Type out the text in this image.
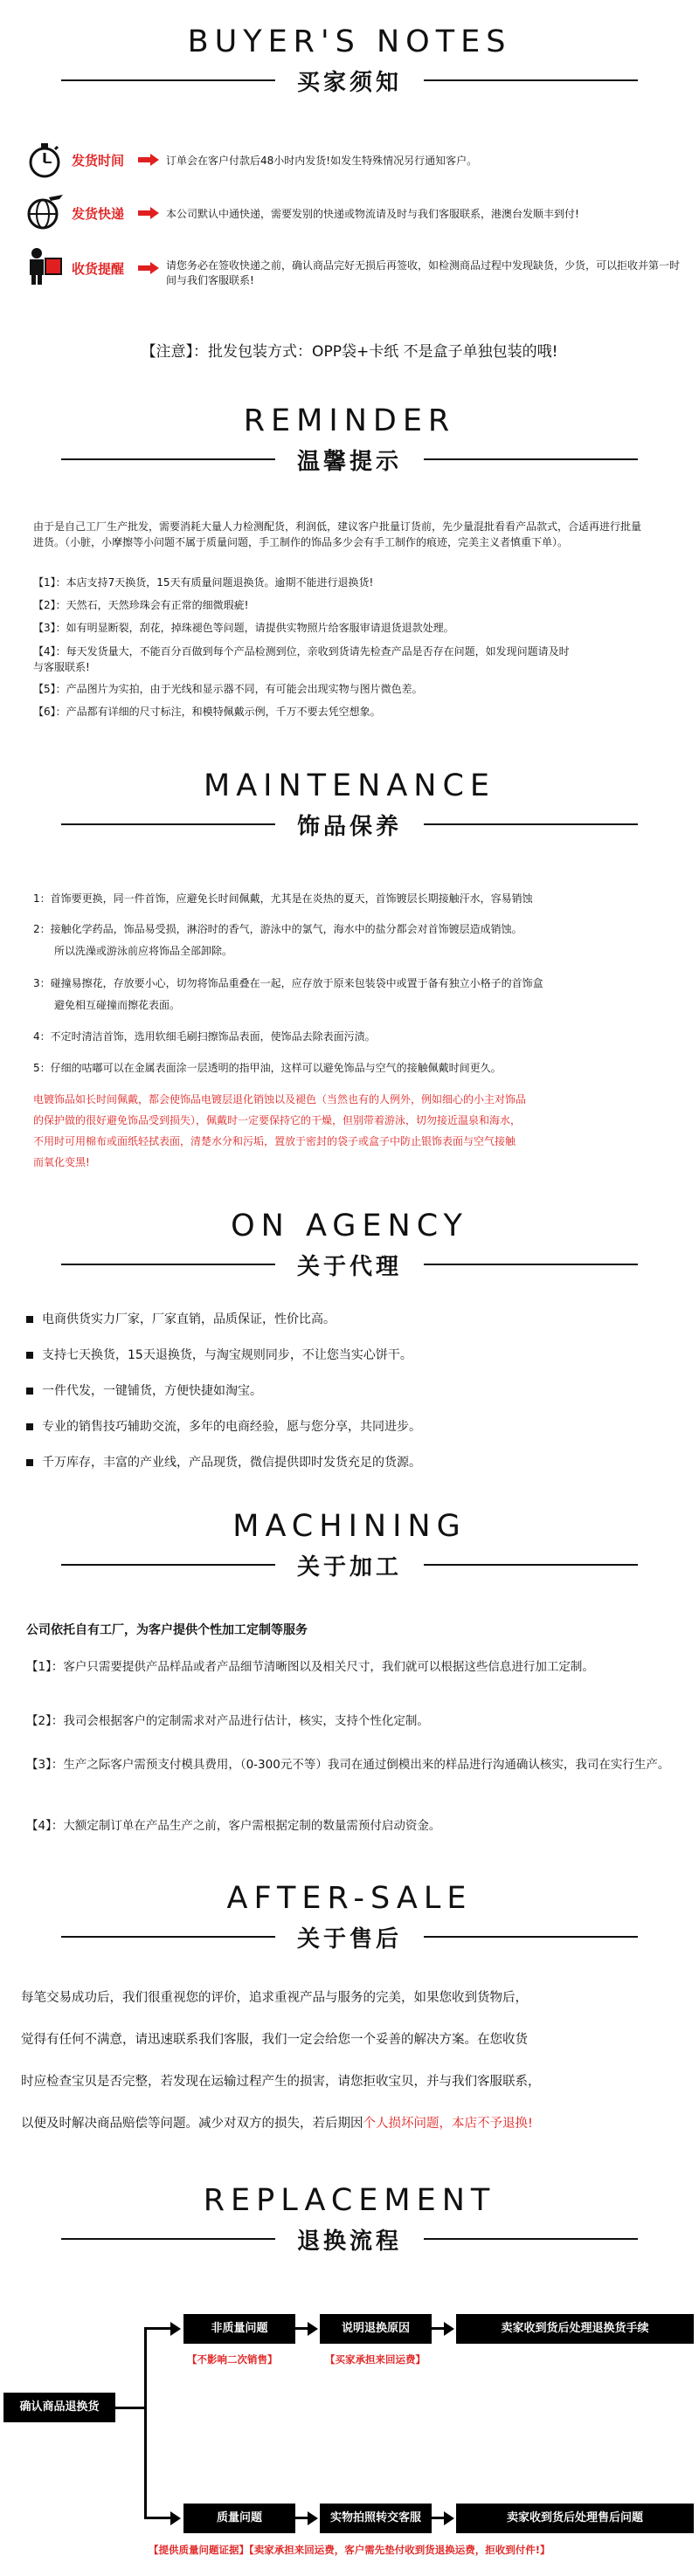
BUYER'S NOTES
买家须知
发货时间	订单会在客户付款后48小时内发货!如发生特殊情况另行通知客户。
发货快递	本公司默认中通快递，需要发别的快递或物流请及时与我们客服联系，港澳台发顺丰到付!
收货提醒	请您务必在签收快递之前，确认商品完好无损后再签收，如检测商品过程中发现缺货，少货，可以拒收并第一时间与我们客服联系!
【注意】：批发包装方式：OPP袋+卡纸 不是盒子单独包装的哦!
REMINDER
温馨提示
由于是自己工厂生产批发，需要消耗大量人力检测配货，利润低，建议客户批量订货前，先少量混批看看产品款式，合适再进行批量进货。（小脏，小摩擦等小问题不属于质量问题，手工制作的饰品多少会有手工制作的痕迹，完美主义者慎重下单）。
【1】：本店支持7天换货，15天有质量问题退换货。逾期不能进行退换货!
【2】：天然石，天然珍珠会有正常的细微瑕疵!
【3】：如有明显断裂，刮花，掉珠褪色等问题，请提供实物照片给客服审请退货退款处理。
【4】：每天发货量大，不能百分百做到每个产品检测到位，亲收到货请先检查产品是否存在问题，如发现问题请及时与客服联系!
【5】：产品图片为实拍，由于光线和显示器不同，有可能会出现实物与图片微色差。
【6】：产品都有详细的尺寸标注，和模特佩戴示例，千万不要去凭空想象。
MAINTENANCE
饰品保养
1：首饰要更换，同一件首饰，应避免长时间佩戴，尤其是在炎热的夏天，首饰镀层长期接触汗水，容易销蚀
2：接触化学药品，饰品易受损，淋浴时的香气，游泳中的氯气，海水中的盐分都会对首饰镀层造成销蚀。
所以洗澡或游泳前应将饰品全部卸除。
3：碰撞易擦花，存放要小心，切勿将饰品重叠在一起，应存放于原来包装袋中或置于备有独立小格子的首饰盒
避免相互碰撞而擦花表面。
4：不定时清洁首饰，选用软细毛刷扫擦饰品表面，使饰品去除表面污渍。
5：仔细的咕嘟可以在金属表面涂一层透明的指甲油，这样可以避免饰品与空气的接触佩戴时间更久。
电镀饰品如长时间佩戴，都会使饰品电镀层退化销蚀以及褪色（当然也有的人例外，例如细心的小主对饰品
的保护做的很好避免饰品受到损失），佩戴时一定要保持它的干燥，但别带着游泳，切勿接近温泉和海水，
不用时可用棉布或面纸轻拭表面，清楚水分和污垢，置放于密封的袋子或盒子中防止银饰表面与空气接触
而氧化变黑!
ON AGENCY
关于代理
电商供货实力厂家，厂家直销，品质保证，性价比高。
支持七天换货，15天退换货，与淘宝规则同步，不让您当实心饼干。
一件代发，一键铺货，方便快捷如淘宝。
专业的销售技巧辅助交流，多年的电商经验，愿与您分享，共同进步。
千万库存，丰富的产业线，产品现货，微信提供即时发货充足的货源。
MACHINING
关于加工
公司依托自有工厂，为客户提供个性加工定制等服务
【1】：客户只需要提供产品样品或者产品细节清晰图以及相关尺寸，我们就可以根据这些信息进行加工定制。
【2】：我司会根据客户的定制需求对产品进行估计，核实，支持个性化定制。
【3】：生产之际客户需预支付模具费用，（0-300元不等）我司在通过倒模出来的样品进行沟通确认核实，我司在实行生产。
【4】：大额定制订单在产品生产之前，客户需根据定制的数量需预付启动资金。
AFTER-SALE
关于售后
每笔交易成功后，我们很重视您的评价，追求重视产品与服务的完美，如果您收到货物后，
觉得有任何不满意，请迅速联系我们客服，我们一定会给您一个妥善的解决方案。在您收货
时应检查宝贝是否完整，若发现在运输过程产生的损害，请您拒收宝贝，并与我们客服联系，
以便及时解决商品赔偿等问题。减少对双方的损失，若后期因个人损坏问题，本店不予退换!
REPLACEMENT
退换流程
确认商品退换货
非质量问题	说明退换原因	卖家收到货后处理退换货手续
【不影响二次销售】	【买家承担来回运费】
质量问题	实物拍照转交客服	卖家收到货后处理售后问题
【提供质量问题证据】【卖家承担来回运费，客户需先垫付收到货退换运费，拒收到付件!】
